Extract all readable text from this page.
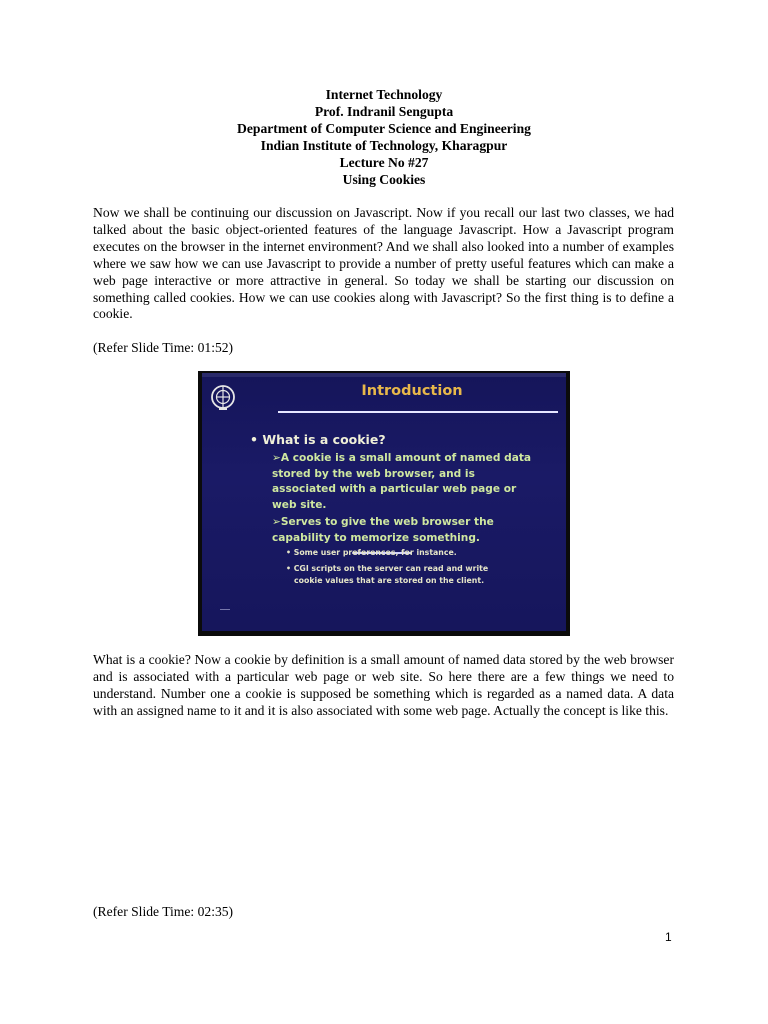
Internet Technology
Prof. Indranil Sengupta
Department of Computer Science and Engineering
Indian Institute of Technology, Kharagpur
Lecture No #27
Using Cookies

Now we shall be continuing our discussion on Javascript. Now if you recall our last two classes, we had talked about the basic object-oriented features of the language Javascript. How a Javascript program executes on the browser in the internet environment? And we shall also looked into a number of examples where we saw how we can use Javascript to provide a number of pretty useful features which can make a web page interactive or more attractive in general. So today we shall be starting our discussion on something called cookies. How we can use cookies along with Javascript? So the first thing is to define a cookie.

(Refer Slide Time: 01:52)
Introduction
• What is a cookie?
➢A cookie is a small amount of named data
stored by the web browser, and is
associated with a particular web page or
web site.
➢Serves to give the web browser the
capability to memorize something.
• Some user preferences, for instance.
• CGI scripts on the server can read and write
cookie values that are stored on the client.

What is a cookie? Now a cookie by definition is a small amount of named data stored by the web browser and is associated with a particular web page or web site. So here there are a few things we need to understand. Number one a cookie is supposed be something which is regarded as a named data. A data with an assigned name to it and it is also associated with some web page. Actually the concept is like this.

(Refer Slide Time: 02:35)
1
